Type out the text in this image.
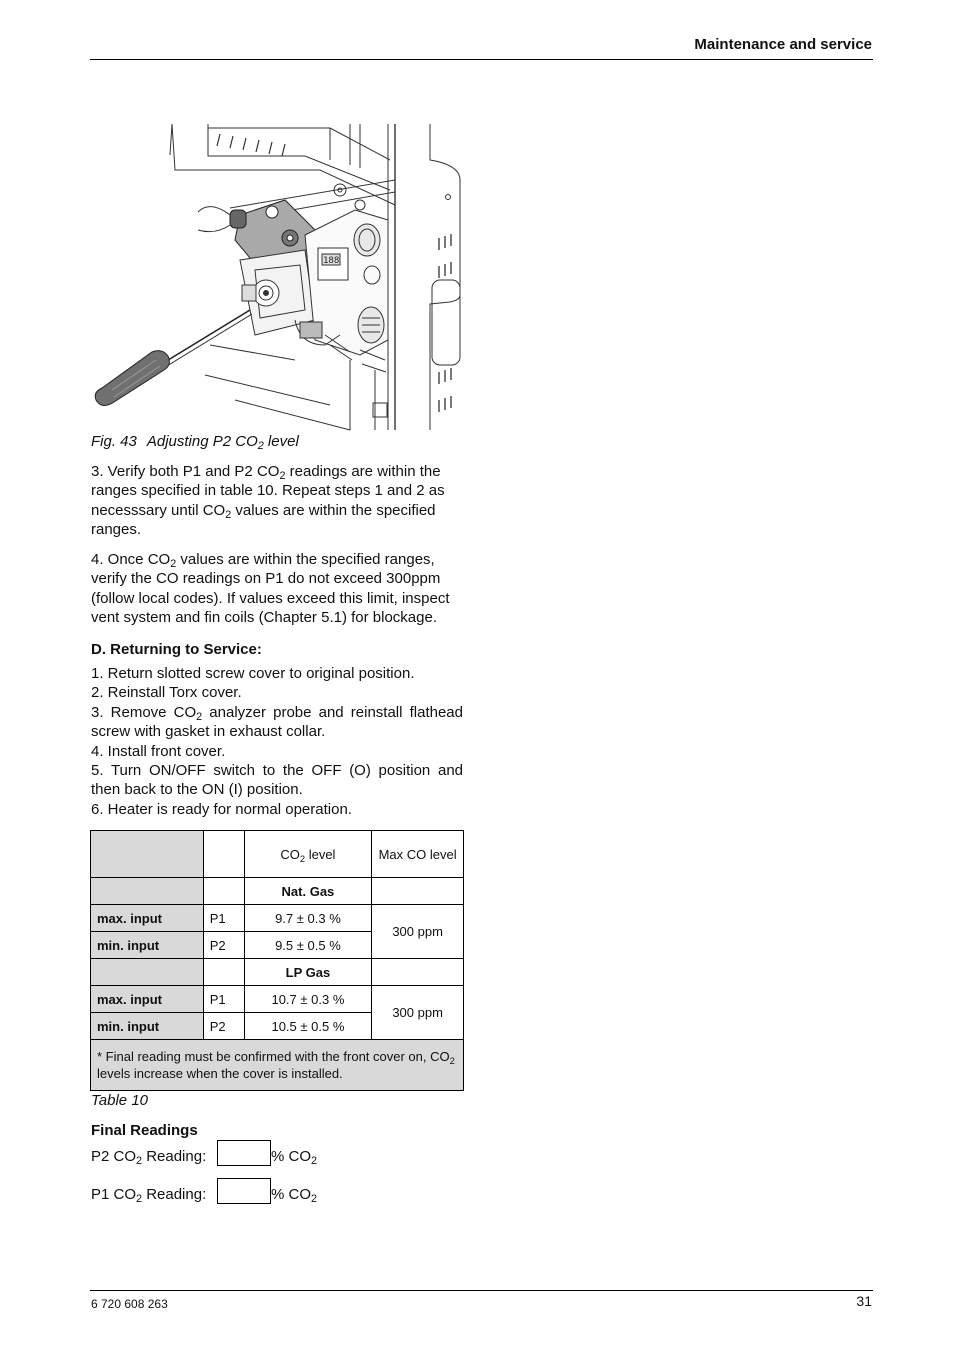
Maintenance and service
188
Fig. 43 Adjusting P2 $CO_2$ level

3. Verify both P1 and P2 $CO_2$ readings are within the ranges specified in table 10. Repeat steps 1 and 2 as necesssary until $CO_2$ values are within the specified ranges.

4. Once $CO_2$ values are within the specified ranges, verify the CO readings on P1 do not exceed 300ppm (follow local codes). If values exceed this limit, inspect vent system and fin coils (Chapter 5.1) for blockage.

D. Returning to Service:

1. Return slotted screw cover to original position.

2. Reinstall Torx cover.

3. Remove $CO_2$ analyzer probe and reinstall flathead screw with gasket in exhaust collar.

4. Install front cover.

5. Turn ON/OFF switch to the OFF (O) position and then back to the ON (I) position.

6. Heater is ready for normal operation.

		$CO_2$ level	Max CO level
		Nat. Gas	
max. input	P1	9.7 ± 0.3 %	300 ppm
min. input	P2	9.5 ± 0.5 %	
		LP Gas	
max. input	P1	10.7 ± 0.3 %	300 ppm
min. input	P2	10.5 ± 0.5 %	
* Final reading must be confirmed with the front cover on, $CO_2$ levels increase when the cover is installed.			
Table 10
Final Readings
P2 $CO_2$ Reading:	% $CO_2$
P1 $CO_2$ Reading:	% $CO_2$
6 720 608 263	31
